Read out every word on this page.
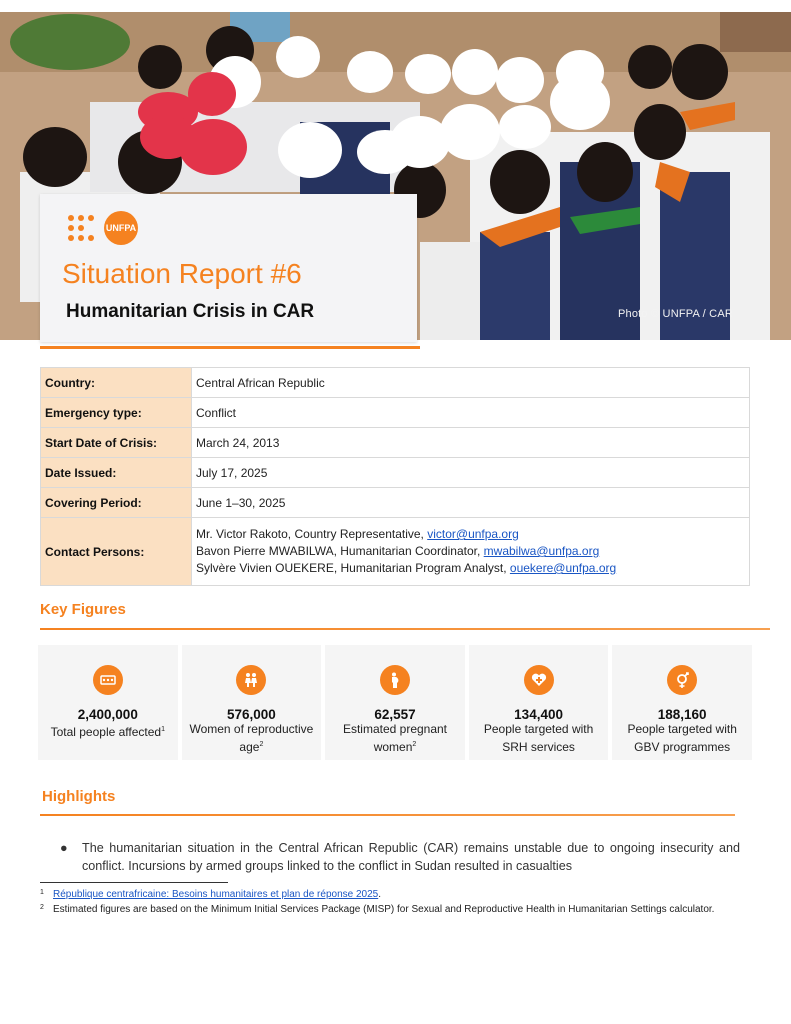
Photo © UNFPA / CAR
UNFPA
Situation Report #6
Humanitarian Crisis in CAR
Country:	Central African Republic
Emergency type:	Conflict
Start Date of Crisis:	March 24, 2013
Date Issued:	July 17, 2025
Covering Period:	June 1–30, 2025
Contact Persons:	Mr. Victor Rakoto, Country Representative, victor@unfpa.org
Bavon Pierre MWABILWA, Humanitarian Coordinator, mwabilwa@unfpa.org
Sylvère Vivien OUEKERE, Humanitarian Program Analyst, ouekere@unfpa.org
Key Figures
2,400,000
Total people affected$^1$
576,000
Women of reproductive age$^2$
62,557
Estimated pregnant women$^2$
134,400
People targeted with SRH services
188,160
People targeted with GBV programmes
Highlights
●	The humanitarian situation in the Central African Republic (CAR) remains unstable due to ongoing insecurity and conflict. Incursions by armed groups linked to the conflict in Sudan resulted in casualties
1 République centrafricaine: Besoins humanitaires et plan de réponse 2025.
2 Estimated figures are based on the Minimum Initial Services Package (MISP) for Sexual and Reproductive Health in Humanitarian Settings calculator.
